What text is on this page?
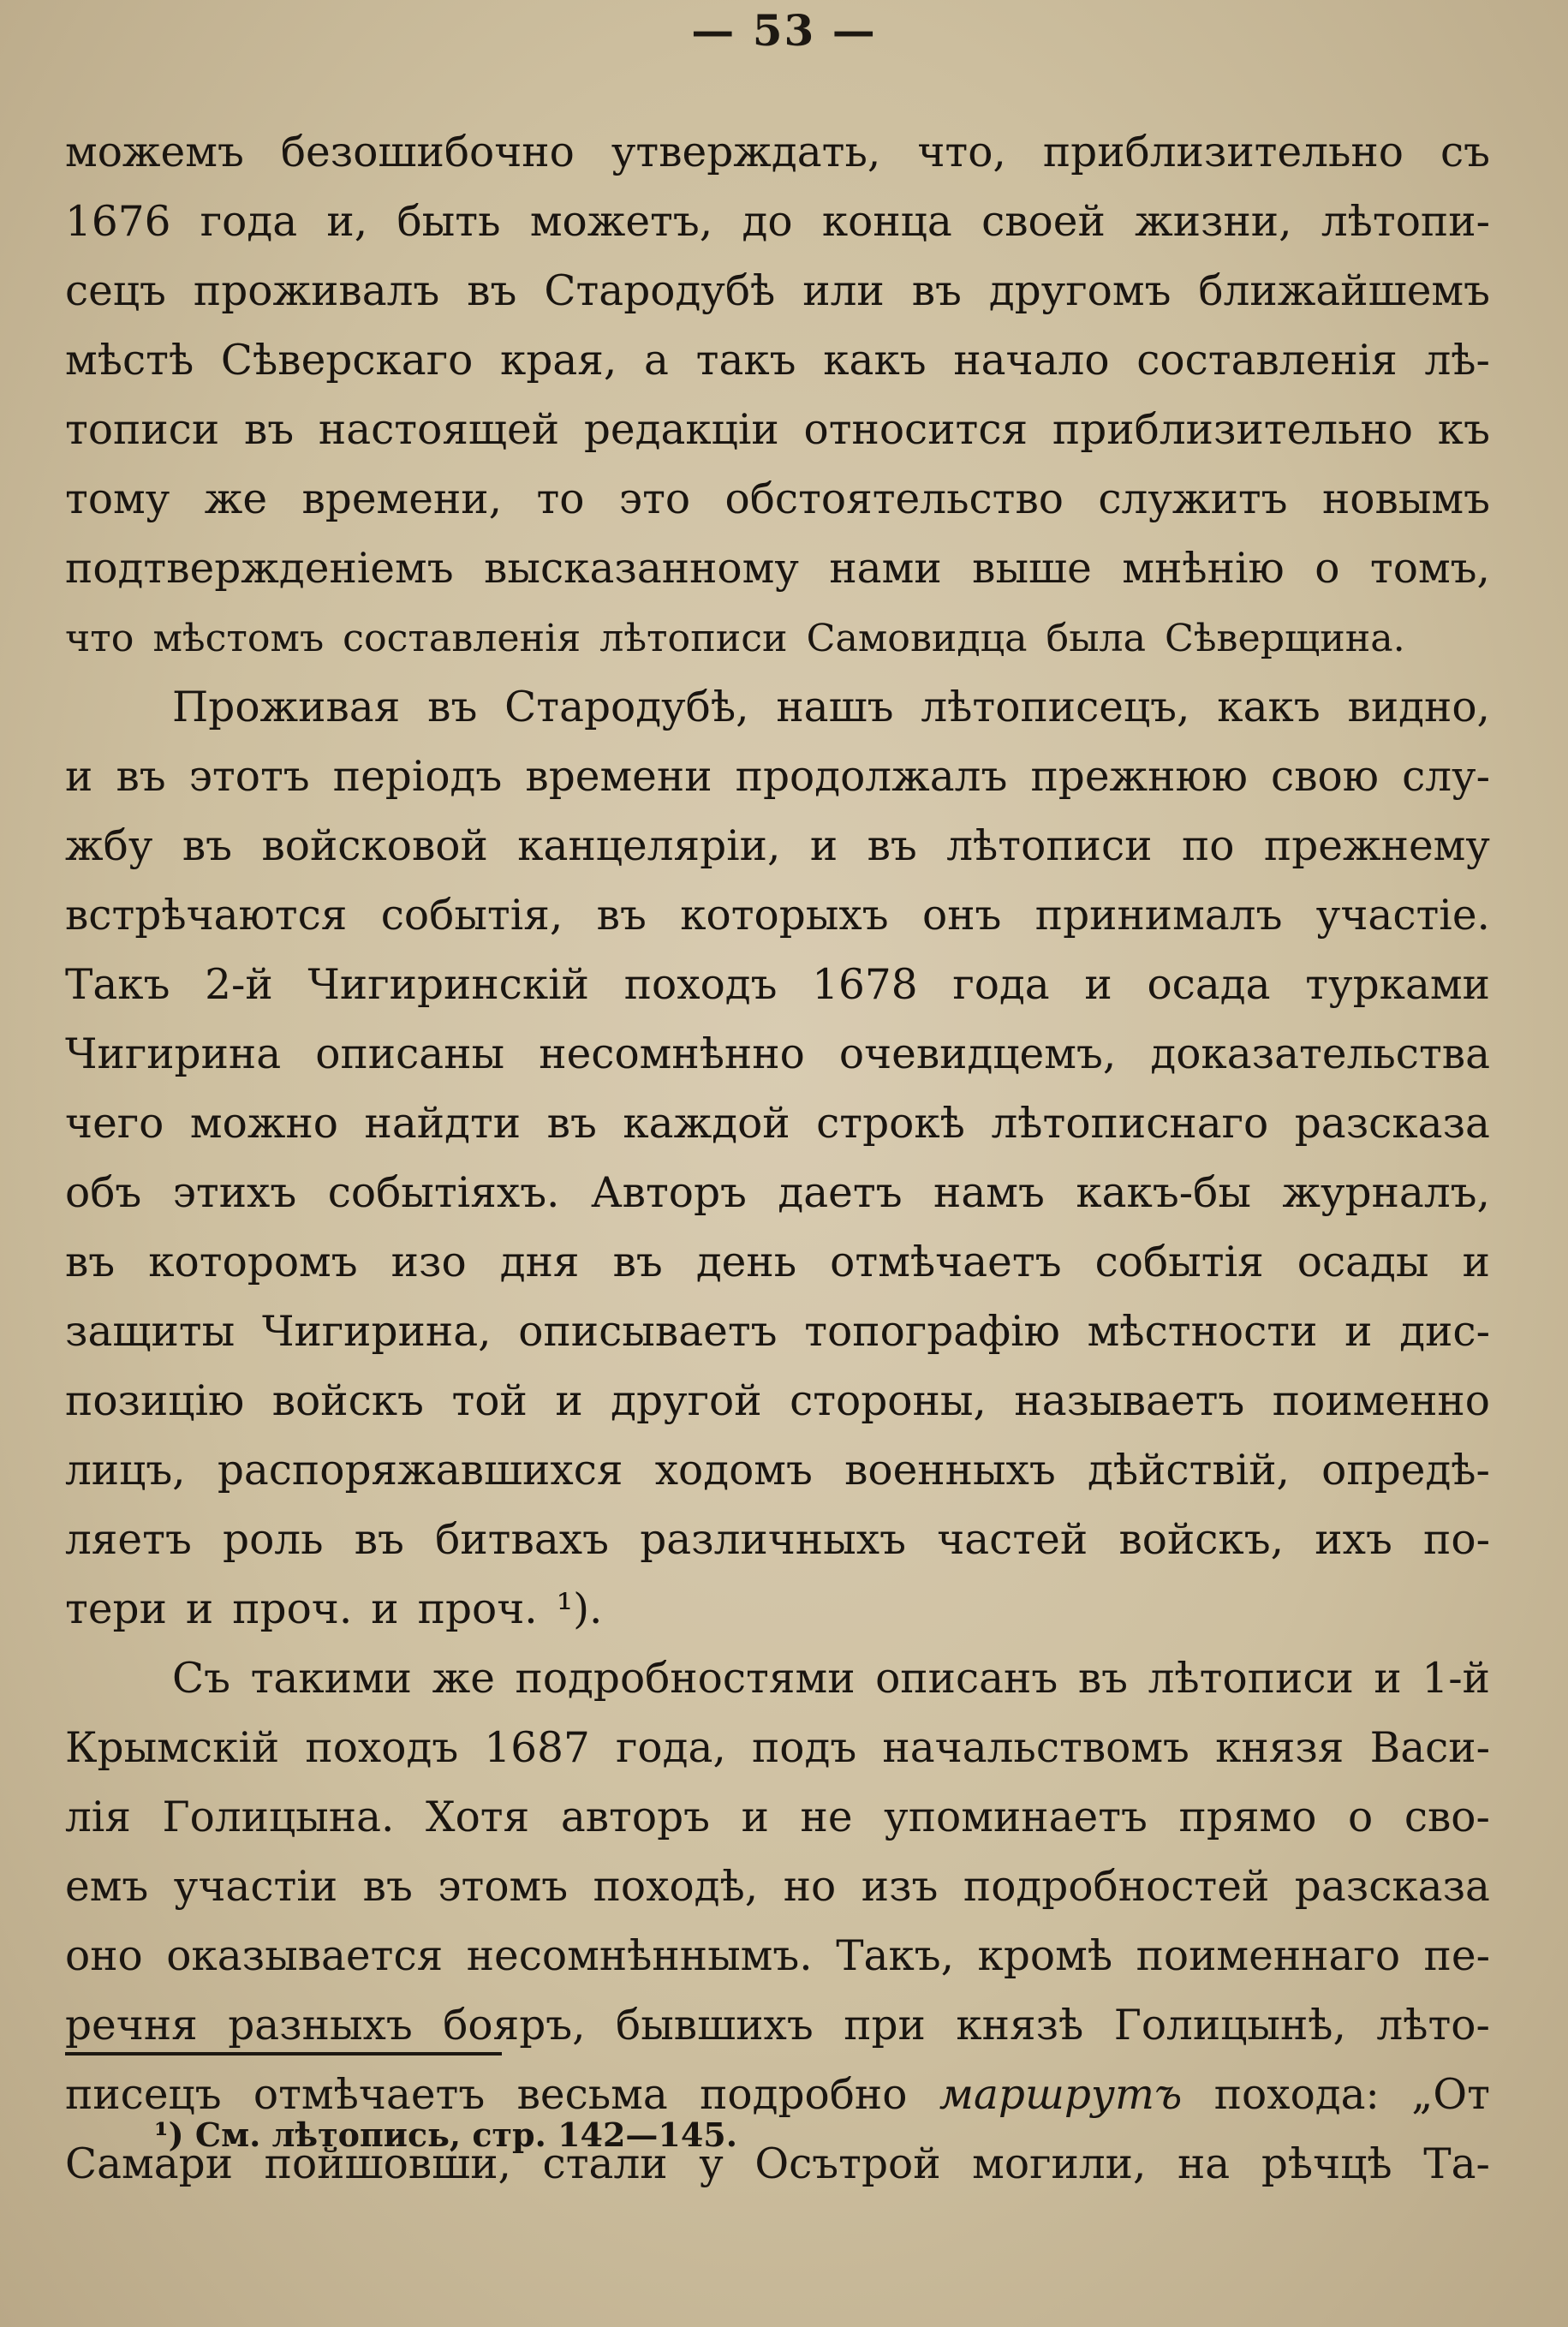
— 53 —
можемъ безошибочно утверждать, что, приблизительно съ
1676 года и, быть можетъ, до конца своей жизни, лѣтопи-
сецъ проживалъ въ Стародубѣ или въ другомъ ближайшемъ
мѣстѣ Сѣверскаго края, а такъ какъ начало составленія лѣ-
тописи въ настоящей редакціи относится приблизительно къ
тому же времени, то это обстоятельство служитъ новымъ
подтвержденіемъ высказанному нами выше мнѣнію о томъ,
что мѣстомъ составленія лѣтописи Самовидца была Сѣверщина.
Проживая въ Стародубѣ, нашъ лѣтописецъ, какъ видно,
и въ этотъ періодъ времени продолжалъ прежнюю свою слу-
жбу въ войсковой канцеляріи, и въ лѣтописи по прежнему
встрѣчаются событія, въ которыхъ онъ принималъ участіе.
Такъ 2-й Чигиринскій походъ 1678 года и осада турками
Чигирина описаны несомнѣнно очевидцемъ, доказательства
чего можно найдти въ каждой строкѣ лѣтописнаго разсказа
объ этихъ событіяхъ. Авторъ даетъ намъ какъ-бы журналъ,
въ которомъ изо дня въ день отмѣчаетъ событія осады и
защиты Чигирина, описываетъ топографію мѣстности и дис-
позицію войскъ той и другой стороны, называетъ поименно
лицъ, распоряжавшихся ходомъ военныхъ дѣйствій, опредѣ-
ляетъ роль въ битвахъ различныхъ частей войскъ, ихъ по-
тери и проч. и проч. ¹).
Съ такими же подробностями описанъ въ лѣтописи и 1-й
Крымскій походъ 1687 года, подъ начальствомъ князя Васи-
лія Голицына. Хотя авторъ и не упоминаетъ прямо о сво-
емъ участіи въ этомъ походѣ, но изъ подробностей разсказа
оно оказывается несомнѣннымъ. Такъ, кромѣ поименнаго пе-
речня разныхъ бояръ, бывшихъ при князѣ Голицынѣ, лѣто-
писецъ отмѣчаетъ весьма подробно маршрутъ похода: „От
Самари пойшовши, стали у Осътрой могили, на рѣчцѣ Та-
¹) См. лѣтопись, стр. 142—145.
